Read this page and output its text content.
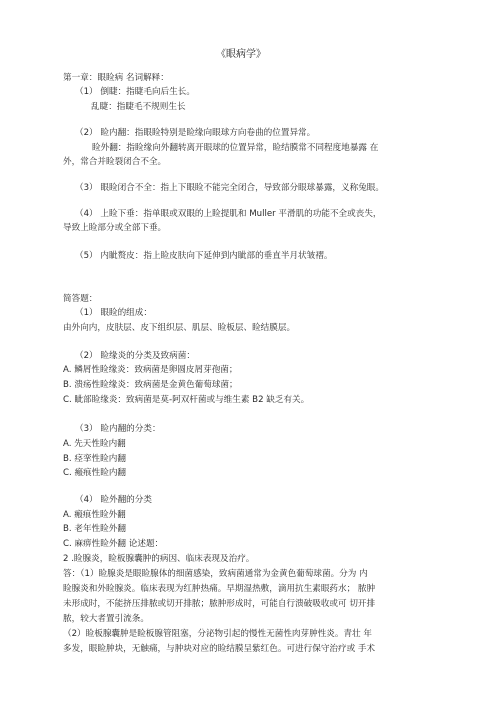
《眼病学》
第一章：眼睑病 名词解释：
（1） 倒睫：指睫毛向后生长。
乱睫：指睫毛不规则生长
（2） 睑内翻：指眼睑特别是睑缘向眼球方向卷曲的位置异常。
睑外翻：指睑缘向外翻转离开眼球的位置异常，睑结膜常不同程度地暴露 在
外，常合并睑裂闭合不全。
（3） 眼睑闭合不全：指上下眼睑不能完全闭合，导致部分眼球暴露，义称兔眼。
（4） 上睑下垂：指单眼或双眼的上睑提肌和 Muller 平滑肌的功能不全或丧失，
导致上睑部分或全部下垂。
（5） 内眦赘皮：指上睑皮肤向下延伸到内眦部的垂直半月状皱褶。
简答题：
（1） 眼睑的组成：
由外向内，皮肤层、皮下组织层、肌层、睑板层、睑结膜层。
（2） 睑缘炎的分类及致病菌：
A. 鳞屑性睑缘炎：致病菌是卵圆皮屑芽孢菌；
B. 溃疡性睑缘炎：致病菌是金黄色葡萄球菌；
C. 眦部睑缘炎：致病菌是莫-阿双杆菌或与维生素 B2 缺乏有关。
（3） 睑内翻的分类：
A. 先天性睑内翻
B. 痉挛性睑内翻
C. 瘢痕性睑内翻
（4） 睑外翻的分类
A. 瘢痕性睑外翻
B. 老年性睑外翻
C. 麻痹性睑外翻 论述题：
2 .睑腺炎，睑板腺囊肿的病因、临床表现及治疗。
答：（1）睑腺炎是眼睑腺体的细菌感染，致病菌通常为金黄色葡萄球菌。分为 内
睑腺炎和外睑腺炎。临床表现为红肿热痛。早期湿热敷，滴用抗生素眼药水； 脓肿
未形成时，不能挤压排脓或切开排脓；脓肿形成时，可能自行溃破吸收或可 切开排
脓，较大者置引流条。
（2）睑板腺囊肿是睑板腺管阻塞，分泌物引起的慢性无菌性肉芽肿性炎。青壮 年
多发，眼睑肿块，无触痛，与肿块对应的睑结膜呈紫红色。可进行保守治疗或 手术
